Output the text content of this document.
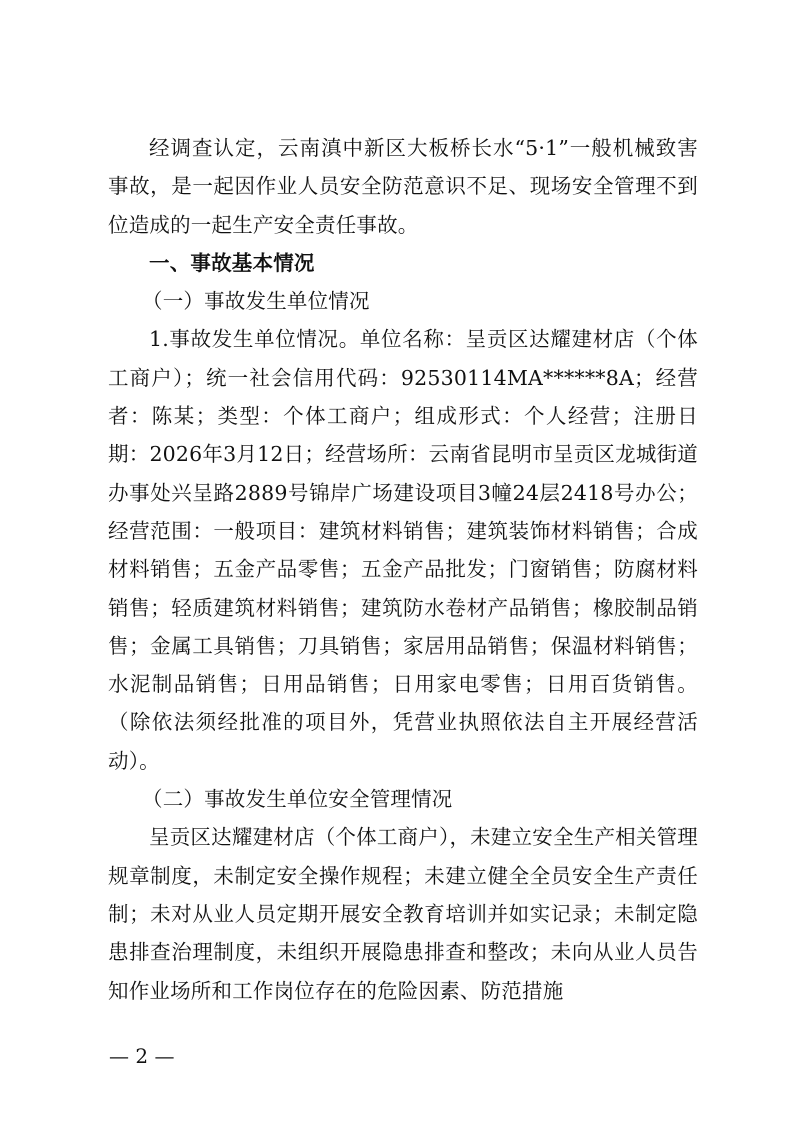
经调查认定，云南滇中新区大板桥长水“5·1”一般机械致害事故，是一起因作业人员安全防范意识不足、现场安全管理不到位造成的一起生产安全责任事故。

一、事故基本情况

（一）事故发生单位情况

1.事故发生单位情况。单位名称：呈贡区达耀建材店（个体工商户）；统一社会信用代码：92530114MA******8A；经营者：陈某；类型：个体工商户；组成形式：个人经营；注册日期：2026年3月12日；经营场所：云南省昆明市呈贡区龙城街道办事处兴呈路2889号锦岸广场建设项目3幢24层2418号办公；经营范围：一般项目：建筑材料销售；建筑装饰材料销售；合成材料销售；五金产品零售；五金产品批发；门窗销售；防腐材料销售；轻质建筑材料销售；建筑防水卷材产品销售；橡胶制品销售；金属工具销售；刀具销售；家居用品销售；保温材料销售；水泥制品销售；日用品销售；日用家电零售；日用百货销售。（除依法须经批准的项目外，凭营业执照依法自主开展经营活动）。

（二）事故发生单位安全管理情况

呈贡区达耀建材店（个体工商户），未建立安全生产相关管理规章制度，未制定安全操作规程；未建立健全全员安全生产责任制；未对从业人员定期开展安全教育培训并如实记录；未制定隐患排查治理制度，未组织开展隐患排查和整改；未向从业人员告知作业场所和工作岗位存在的危险因素、防范措施

— 2 —
